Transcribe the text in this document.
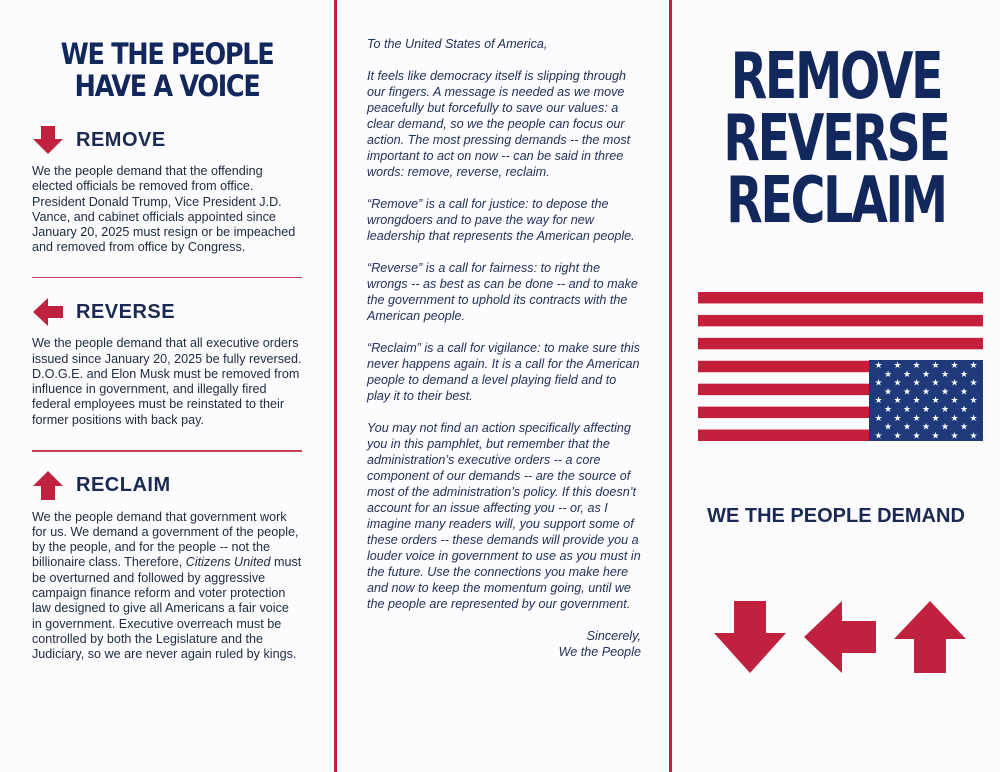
WE THE PEOPLE
HAVE A VOICE
REMOVE
We the people demand that the offending elected officials be removed from office. President Donald Trump, Vice President J.D. Vance, and cabinet officials appointed since January 20, 2025 must resign or be impeached and removed from office by Congress.
REVERSE
We the people demand that all executive orders issued since January 20, 2025 be fully reversed. D.O.G.E. and Elon Musk must be removed from influence in government, and illegally fired federal employees must be reinstated to their former positions with back pay.
RECLAIM
We the people demand that government work for us. We demand a government of the people, by the people, and for the people -- not the billionaire class. Therefore, Citizens United must be overturned and followed by aggressive campaign finance reform and voter protection law designed to give all Americans a fair voice in government. Executive overreach must be controlled by both the Legislature and the Judiciary, so we are never again ruled by kings.

To the United States of America,

It feels like democracy itself is slipping through our fingers. A message is needed as we move peacefully but forcefully to save our values: a clear demand, so we the people can focus our action. The most pressing demands -- the most important to act on now -- can be said in three words: remove, reverse, reclaim.

“Remove” is a call for justice: to depose the wrongdoers and to pave the way for new leadership that represents the American people.

“Reverse” is a call for fairness: to right the wrongs -- as best as can be done -- and to make the government to uphold its contracts with the American people.

“Reclaim” is a call for vigilance: to make sure this never happens again. It is a call for the American people to demand a level playing field and to play it to their best.

You may not find an action specifically affecting you in this pamphlet, but remember that the administration’s executive orders -- a core component of our demands -- are the source of most of the administration’s policy. If this doesn’t account for an issue affecting you -- or, as I imagine many readers will, you support some of these orders -- these demands will provide you a louder voice in government to use as you must in the future. Use the connections you make here and now to keep the momentum going, until we the people are represented by our government.

Sincerely,
We the People
REMOVE
REVERSE
RECLAIM
★ ★ ★ ★ ★ ★
★ ★ ★ ★ ★
★ ★ ★ ★ ★ ★
★ ★ ★ ★ ★
★ ★ ★ ★ ★ ★
★ ★ ★ ★ ★
★ ★ ★ ★ ★ ★
★ ★ ★ ★ ★
★ ★ ★ ★ ★ ★
WE THE PEOPLE DEMAND
